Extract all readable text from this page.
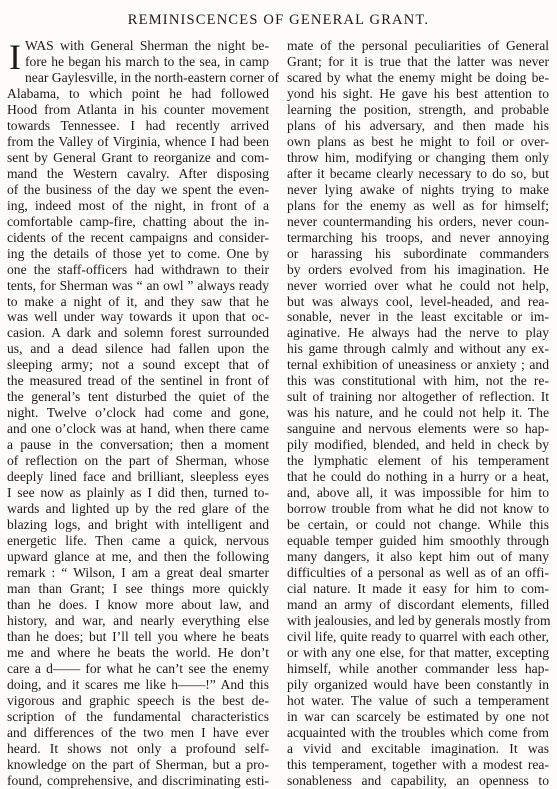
REMINISCENCES OF GENERAL GRANT.
I WAS with General Sherman the night be-
fore he began his march to the sea, in camp
near Gaylesville, in the north-eastern corner of
Alabama, to which point he had followed
Hood from Atlanta in his counter movement
towards Tennessee. I had recently arrived
from the Valley of Virginia, whence I had been
sent by General Grant to reorganize and com-
mand the Western cavalry. After disposing
of the business of the day we spent the even-
ing, indeed most of the night, in front of a
comfortable camp-fire, chatting about the in-
cidents of the recent campaigns and consider-
ing the details of those yet to come. One by
one the staff-officers had withdrawn to their
tents, for Sherman was “ an owl ” always ready
to make a night of it, and they saw that he
was well under way towards it upon that oc-
casion. A dark and solemn forest surrounded
us, and a dead silence had fallen upon the
sleeping army; not a sound except that of
the measured tread of the sentinel in front of
the general’s tent disturbed the quiet of the
night. Twelve o’clock had come and gone,
and one o’clock was at hand, when there came
a pause in the conversation; then a moment
of reflection on the part of Sherman, whose
deeply lined face and brilliant, sleepless eyes
I see now as plainly as I did then, turned to-
wards and lighted up by the red glare of the
blazing logs, and bright with intelligent and
energetic life. Then came a quick, nervous
upward glance at me, and then the following
remark : “ Wilson, I am a great deal smarter
man than Grant; I see things more quickly
than he does. I know more about law, and
history, and war, and nearly everything else
than he does; but I’ll tell you where he beats
me and where he beats the world. He don’t
care a d—— for what he can’t see the enemy
doing, and it scares me like h——!” And this
vigorous and graphic speech is the best de-
scription of the fundamental characteristics
and differences of the two men I have ever
heard. It shows not only a profound self-
knowledge on the part of Sherman, but a pro-
found, comprehensive, and discriminating esti-
mate of the personal peculiarities of General
Grant; for it is true that the latter was never
scared by what the enemy might be doing be-
yond his sight. He gave his best attention to
learning the position, strength, and probable
plans of his adversary, and then made his
own plans as best he might to foil or over-
throw him, modifying or changing them only
after it became clearly necessary to do so, but
never lying awake of nights trying to make
plans for the enemy as well as for himself;
never countermanding his orders, never coun-
termarching his troops, and never annoying
or harassing his subordinate commanders
by orders evolved from his imagination. He
never worried over what he could not help,
but was always cool, level-headed, and rea-
sonable, never in the least excitable or im-
aginative. He always had the nerve to play
his game through calmly and without any ex-
ternal exhibition of uneasiness or anxiety ; and
this was constitutional with him, not the re-
sult of training nor altogether of reflection. It
was his nature, and he could not help it. The
sanguine and nervous elements were so hap-
pily modified, blended, and held in check by
the lymphatic element of his temperament
that he could do nothing in a hurry or a heat,
and, above all, it was impossible for him to
borrow trouble from what he did not know to
be certain, or could not change. While this
equable temper guided him smoothly through
many dangers, it also kept him out of many
difficulties of a personal as well as of an offi-
cial nature. It made it easy for him to com-
mand an army of discordant elements, filled
with jealousies, and led by generals mostly from
civil life, quite ready to quarrel with each other,
or with any one else, for that matter, excepting
himself, while another commander less hap-
pily organized would have been constantly in
hot water. The value of such a temperament
in war can scarcely be estimated by one not
acquainted with the troubles which come from
a vivid and excitable imagination. It was
this temperament, together with a modest rea-
sonableness and capability, an openness to
